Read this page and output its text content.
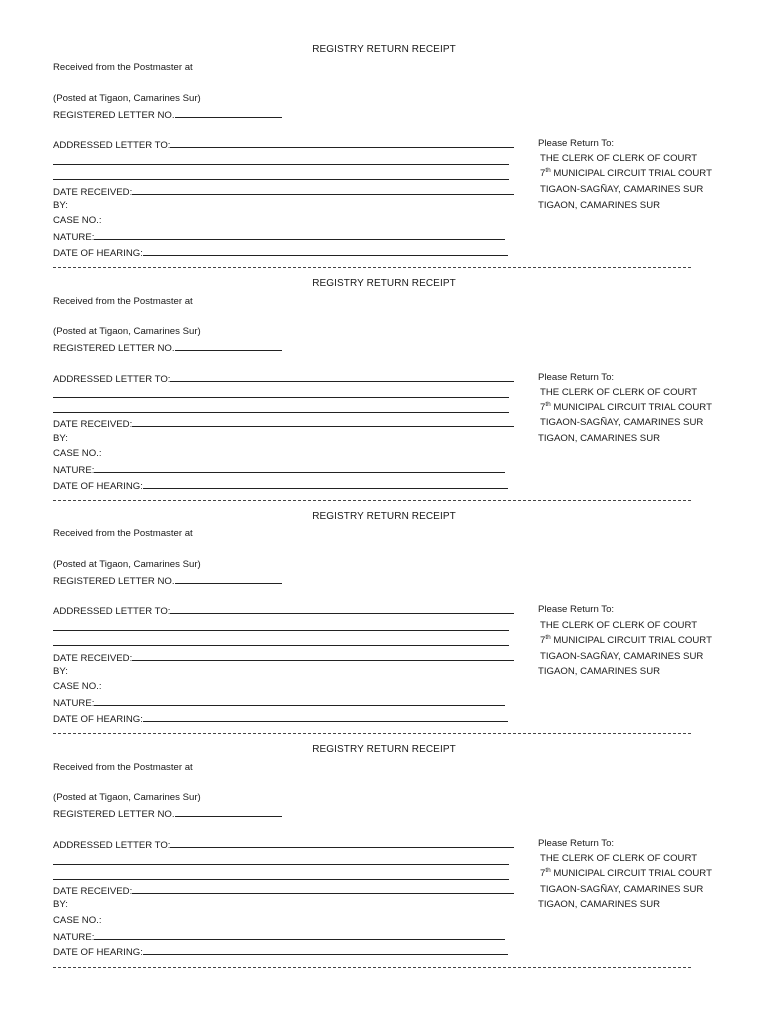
REGISTRY RETURN RECEIPT
Received from the Postmaster at
(Posted at Tigaon, Camarines Sur)
REGISTERED LETTER NO.
ADDRESSED LETTER TO:
DATE RECEIVED:
BY:
CASE NO.:
NATURE:
DATE OF HEARING:
Please Return To:
THE CLERK OF CLERK OF COURT
7th MUNICIPAL CIRCUIT TRIAL COURT
TIGAON-SAGÑAY, CAMARINES SUR
TIGAON, CAMARINES SUR
REGISTRY RETURN RECEIPT
Received from the Postmaster at
(Posted at Tigaon, Camarines Sur)
REGISTERED LETTER NO.
ADDRESSED LETTER TO:
DATE RECEIVED:
BY:
CASE NO.:
NATURE:
DATE OF HEARING:
Please Return To:
THE CLERK OF CLERK OF COURT
7th MUNICIPAL CIRCUIT TRIAL COURT
TIGAON-SAGÑAY, CAMARINES SUR
TIGAON, CAMARINES SUR
REGISTRY RETURN RECEIPT
Received from the Postmaster at
(Posted at Tigaon, Camarines Sur)
REGISTERED LETTER NO.
ADDRESSED LETTER TO:
DATE RECEIVED:
BY:
CASE NO.:
NATURE:
DATE OF HEARING:
Please Return To:
THE CLERK OF CLERK OF COURT
7th MUNICIPAL CIRCUIT TRIAL COURT
TIGAON-SAGÑAY, CAMARINES SUR
TIGAON, CAMARINES SUR
REGISTRY RETURN RECEIPT
Received from the Postmaster at
(Posted at Tigaon, Camarines Sur)
REGISTERED LETTER NO.
ADDRESSED LETTER TO:
DATE RECEIVED:
BY:
CASE NO.:
NATURE:
DATE OF HEARING:
Please Return To:
THE CLERK OF CLERK OF COURT
7th MUNICIPAL CIRCUIT TRIAL COURT
TIGAON-SAGÑAY, CAMARINES SUR
TIGAON, CAMARINES SUR
